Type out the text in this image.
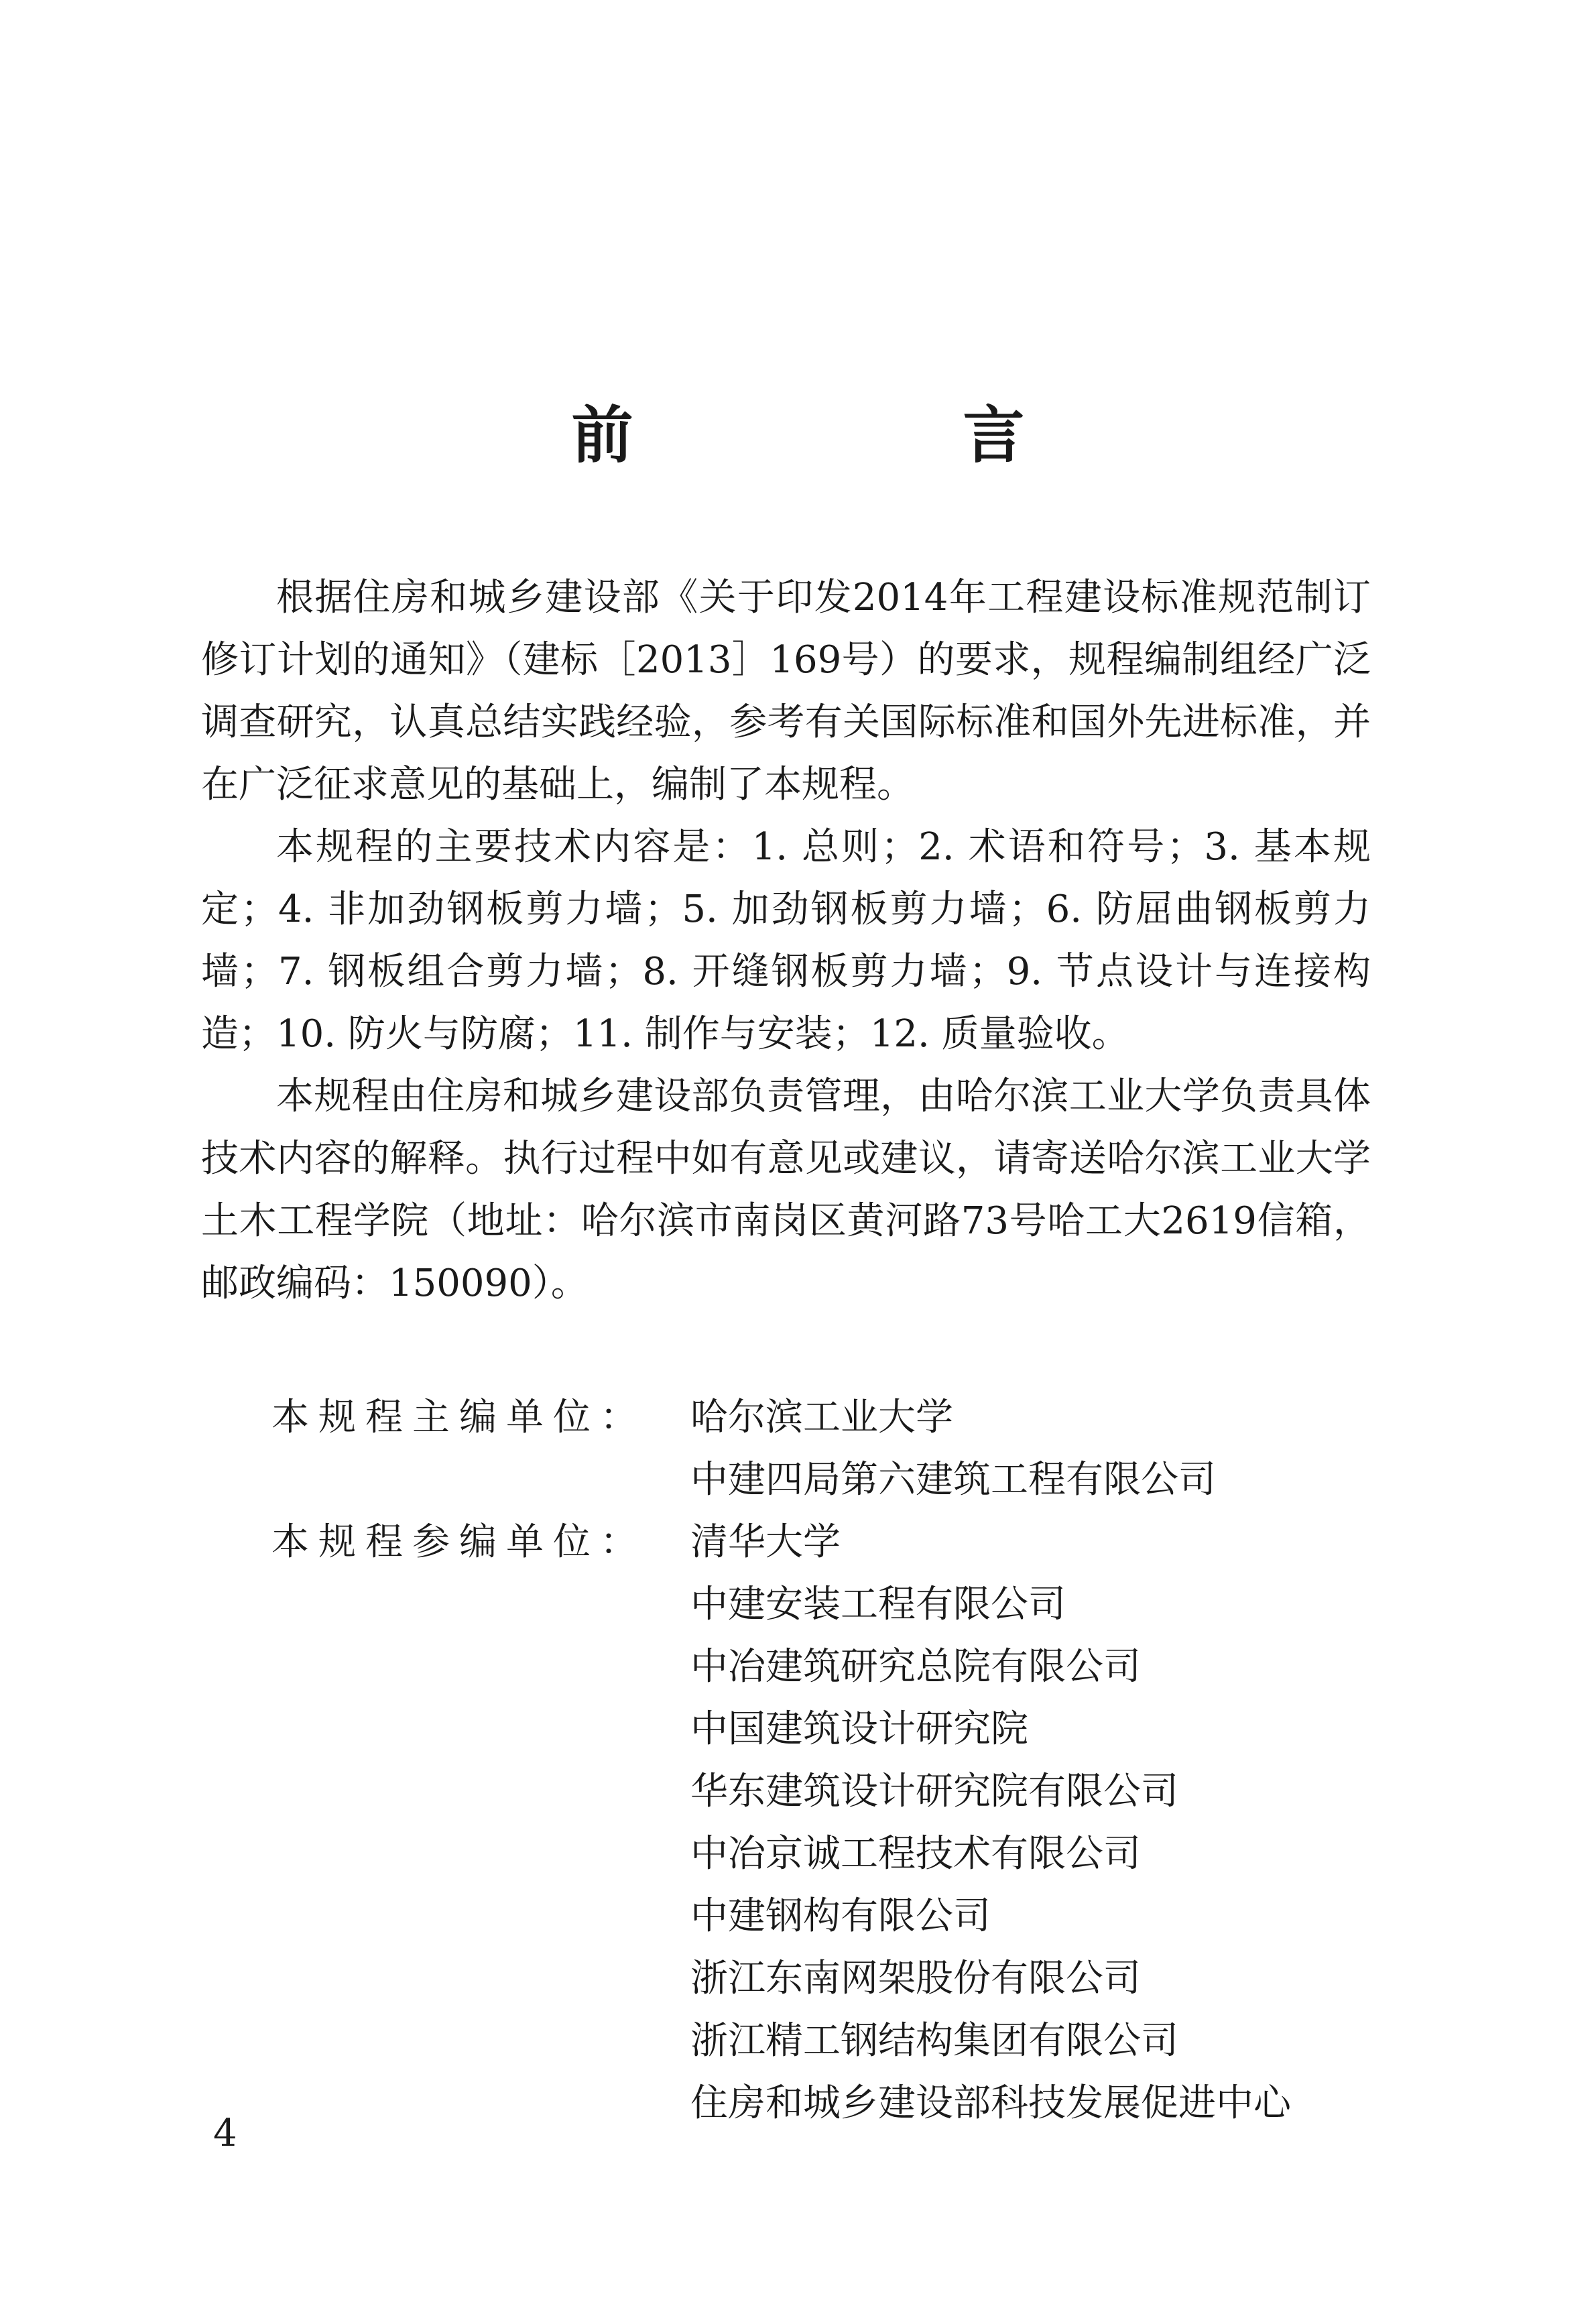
前　言

根据住房和城乡建设部《关于印发2014年工程建设标准规范制订修订计划的通知》（建标［2013］169号）的要求，规程编制组经广泛调查研究，认真总结实践经验，参考有关国际标准和国外先进标准，并在广泛征求意见的基础上，编制了本规程。

本规程的主要技术内容是：1. 总则；2. 术语和符号；3. 基本规定；4. 非加劲钢板剪力墙；5. 加劲钢板剪力墙；6. 防屈曲钢板剪力墙；7. 钢板组合剪力墙；8. 开缝钢板剪力墙；9. 节点设计与连接构造；10. 防火与防腐；11. 制作与安装；12. 质量验收。

本规程由住房和城乡建设部负责管理，由哈尔滨工业大学负责具体技术内容的解释。执行过程中如有意见或建议，请寄送哈尔滨工业大学土木工程学院（地址：哈尔滨市南岗区黄河路73号哈工大2619信箱，邮政编码：150090）。

本规程主编单位：	哈尔滨工业大学
中建四局第六建筑工程有限公司
本规程参编单位：	清华大学
中建安装工程有限公司
中冶建筑研究总院有限公司
中国建筑设计研究院
华东建筑设计研究院有限公司
中冶京诚工程技术有限公司
中建钢构有限公司
浙江东南网架股份有限公司
浙江精工钢结构集团有限公司
住房和城乡建设部科技发展促进中心
4
